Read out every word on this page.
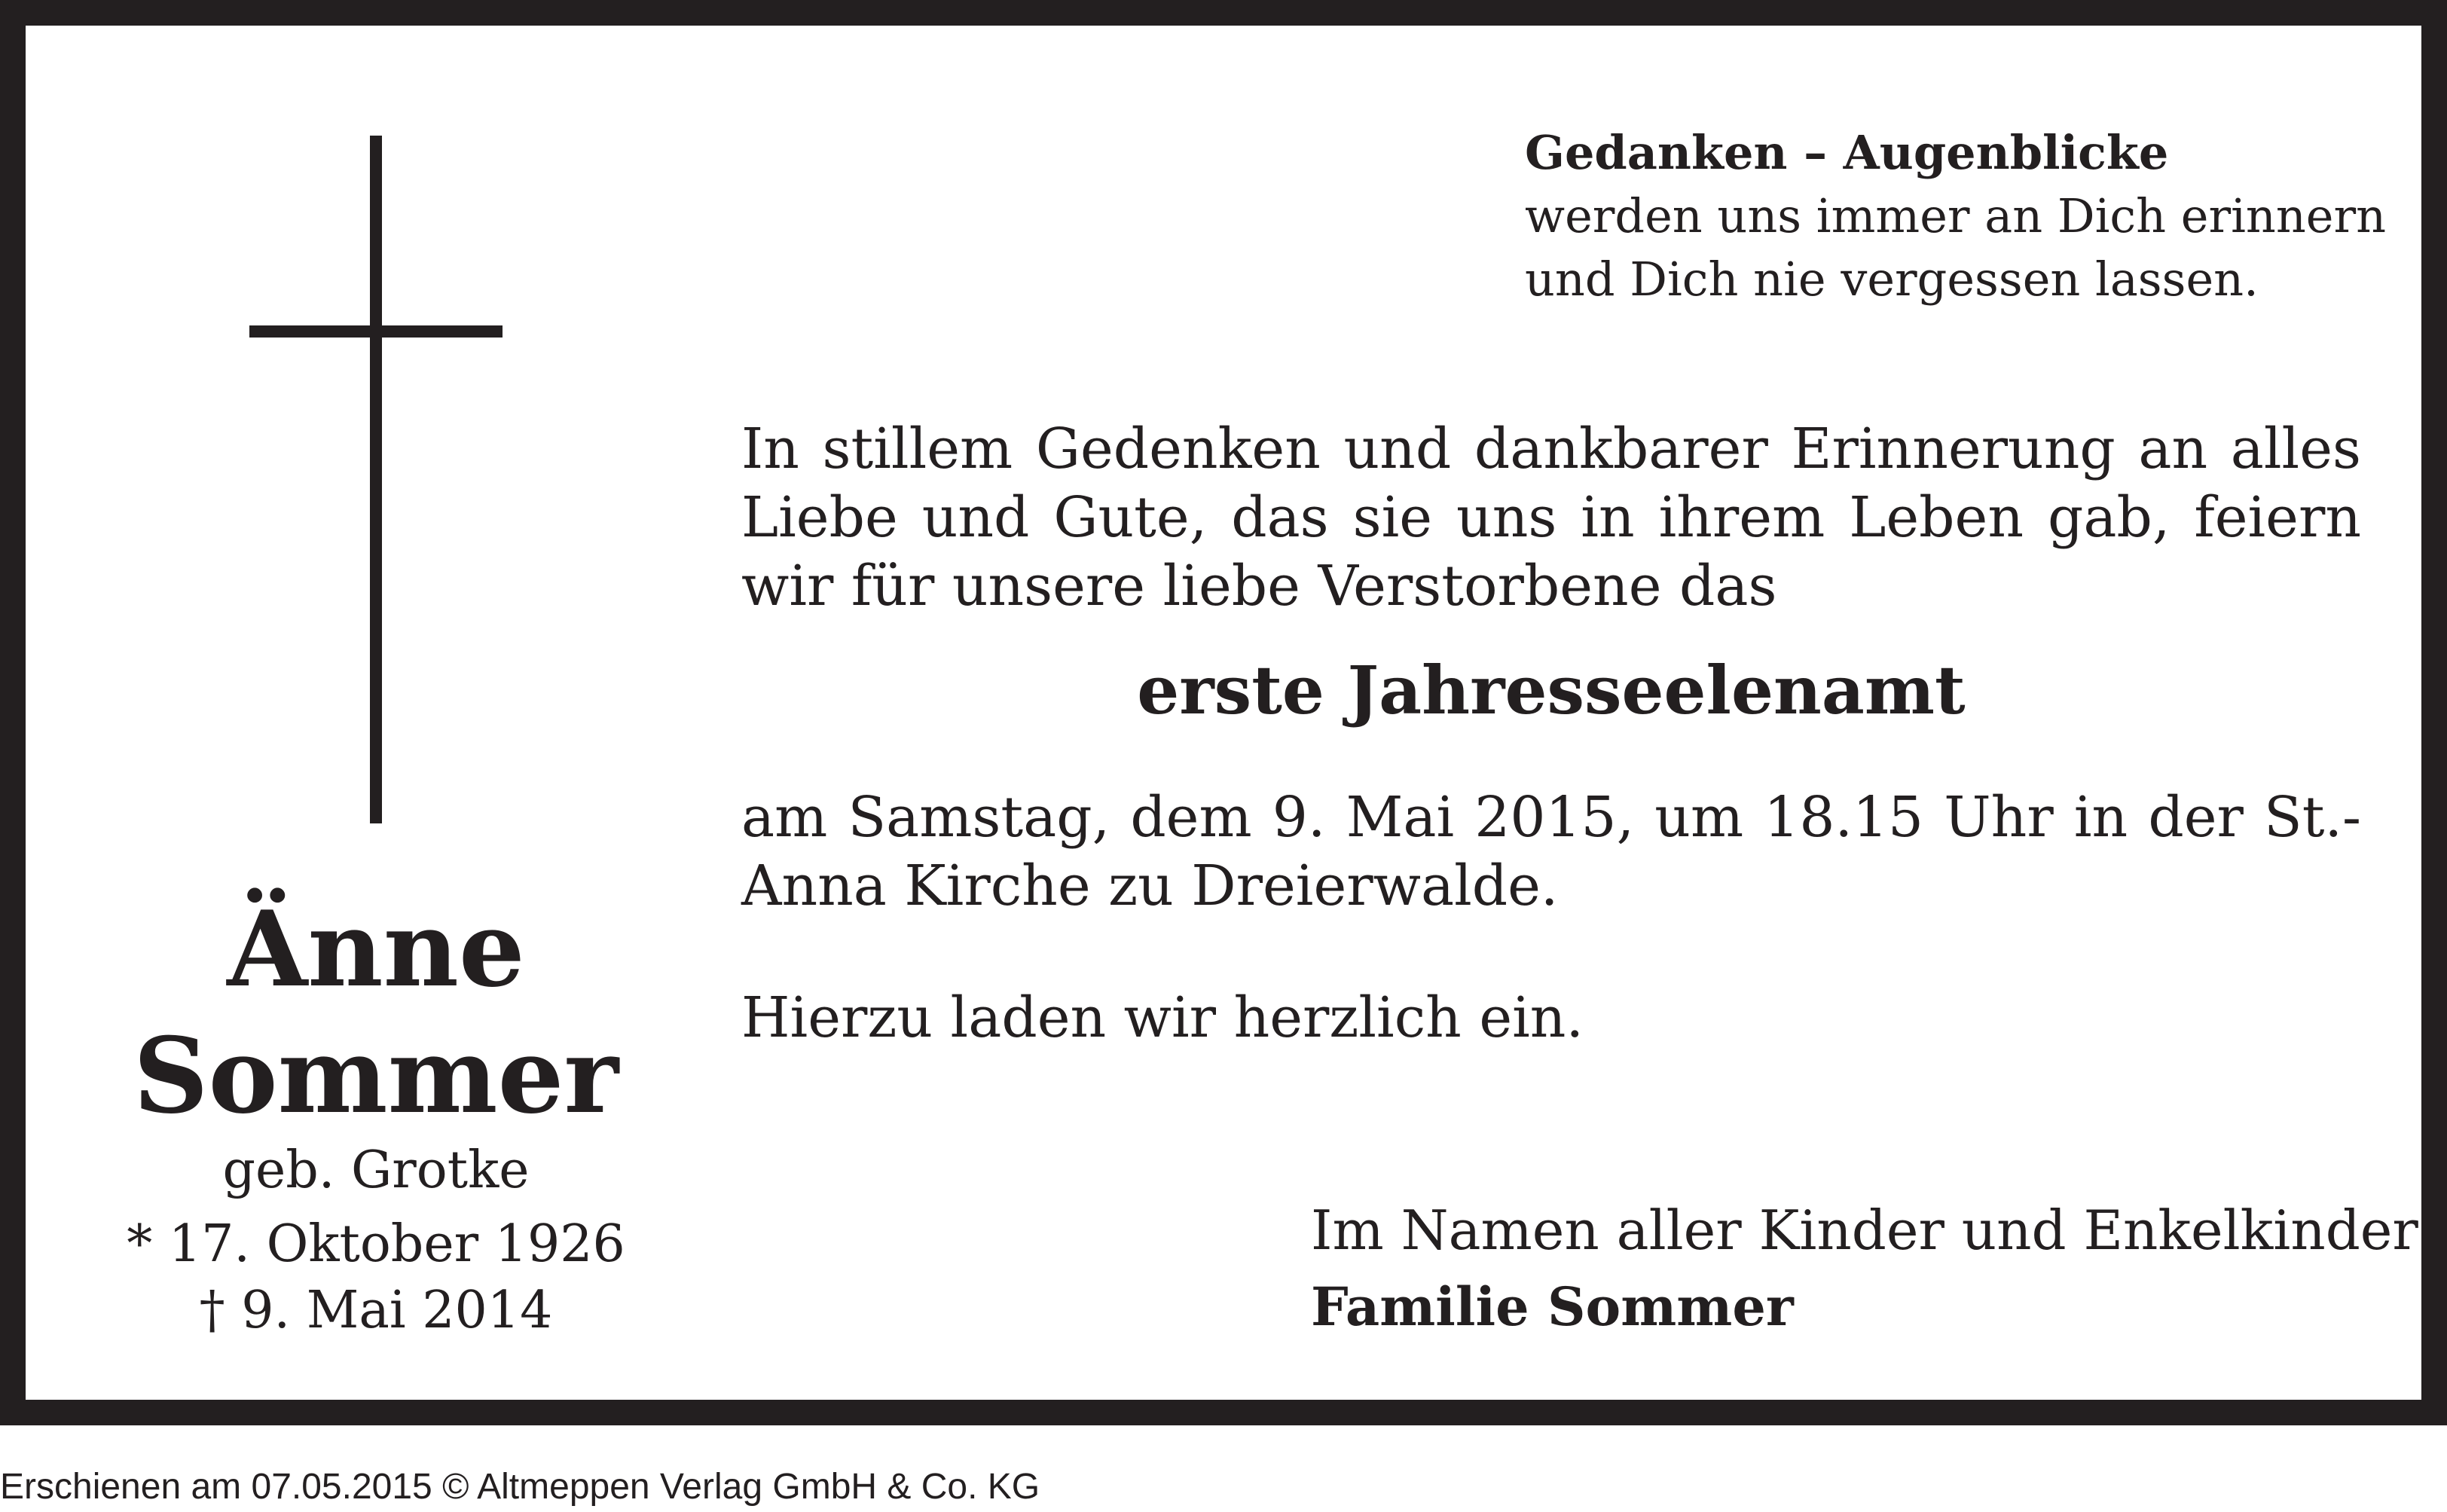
Änne
Sommer
geb. Grotke
* 17. Oktober 1926
† 9. Mai 2014
Gedanken – Augenblicke
werden uns immer an Dich erinnern
und Dich nie vergessen lassen.
In stillem Gedenken und dankbarer Erinnerung an alles Liebe und Gute, das sie uns in ihrem Leben gab, feiern wir für unsere liebe Verstorbene das
erste Jahresseelenamt
am Samstag, dem 9. Mai 2015, um 18.15 Uhr in der St.-Anna Kirche zu Dreierwalde.
Hierzu laden wir herzlich ein.
Im Namen aller Kinder und Enkelkinder
Familie Sommer
Erschienen am 07.05.2015 © Altmeppen Verlag GmbH & Co. KG
